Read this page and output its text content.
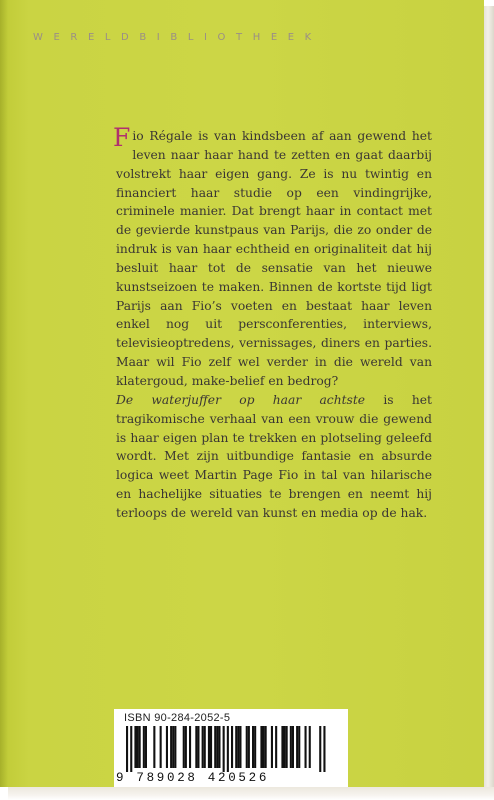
WERELDBIBLIOTHEEK

Fio Régale is van kindsbeen af aan gewend het leven naar haar hand te zetten en gaat daarbij volstrekt haar eigen gang. Ze is nu twintig en financiert haar studie op een vindingrijke, criminele manier. Dat brengt haar in contact met de gevierde kunstpaus van Parijs, die zo onder de indruk is van haar echtheid en originaliteit dat hij besluit haar tot de sensatie van het nieuwe kunstseizoen te maken. Binnen de kortste tijd ligt Parijs aan Fio’s voeten en bestaat haar leven enkel nog uit persconferenties, interviews, televisieoptredens, vernissages, diners en parties. Maar wil Fio zelf wel verder in die wereld van klatergoud, make-belief en bedrog?

De waterjuffer op haar achtste is het tragikomische verhaal van een vrouw die gewend is haar eigen plan te trekken en plotseling geleefd wordt. Met zijn uitbundige fantasie en absurde logica weet Martin Page Fio in tal van hilarische en hachelijke situaties te brengen en neemt hij terloops de wereld van kunst en media op de hak.

ISBN 90-284-2052-5
9 789028 420526
